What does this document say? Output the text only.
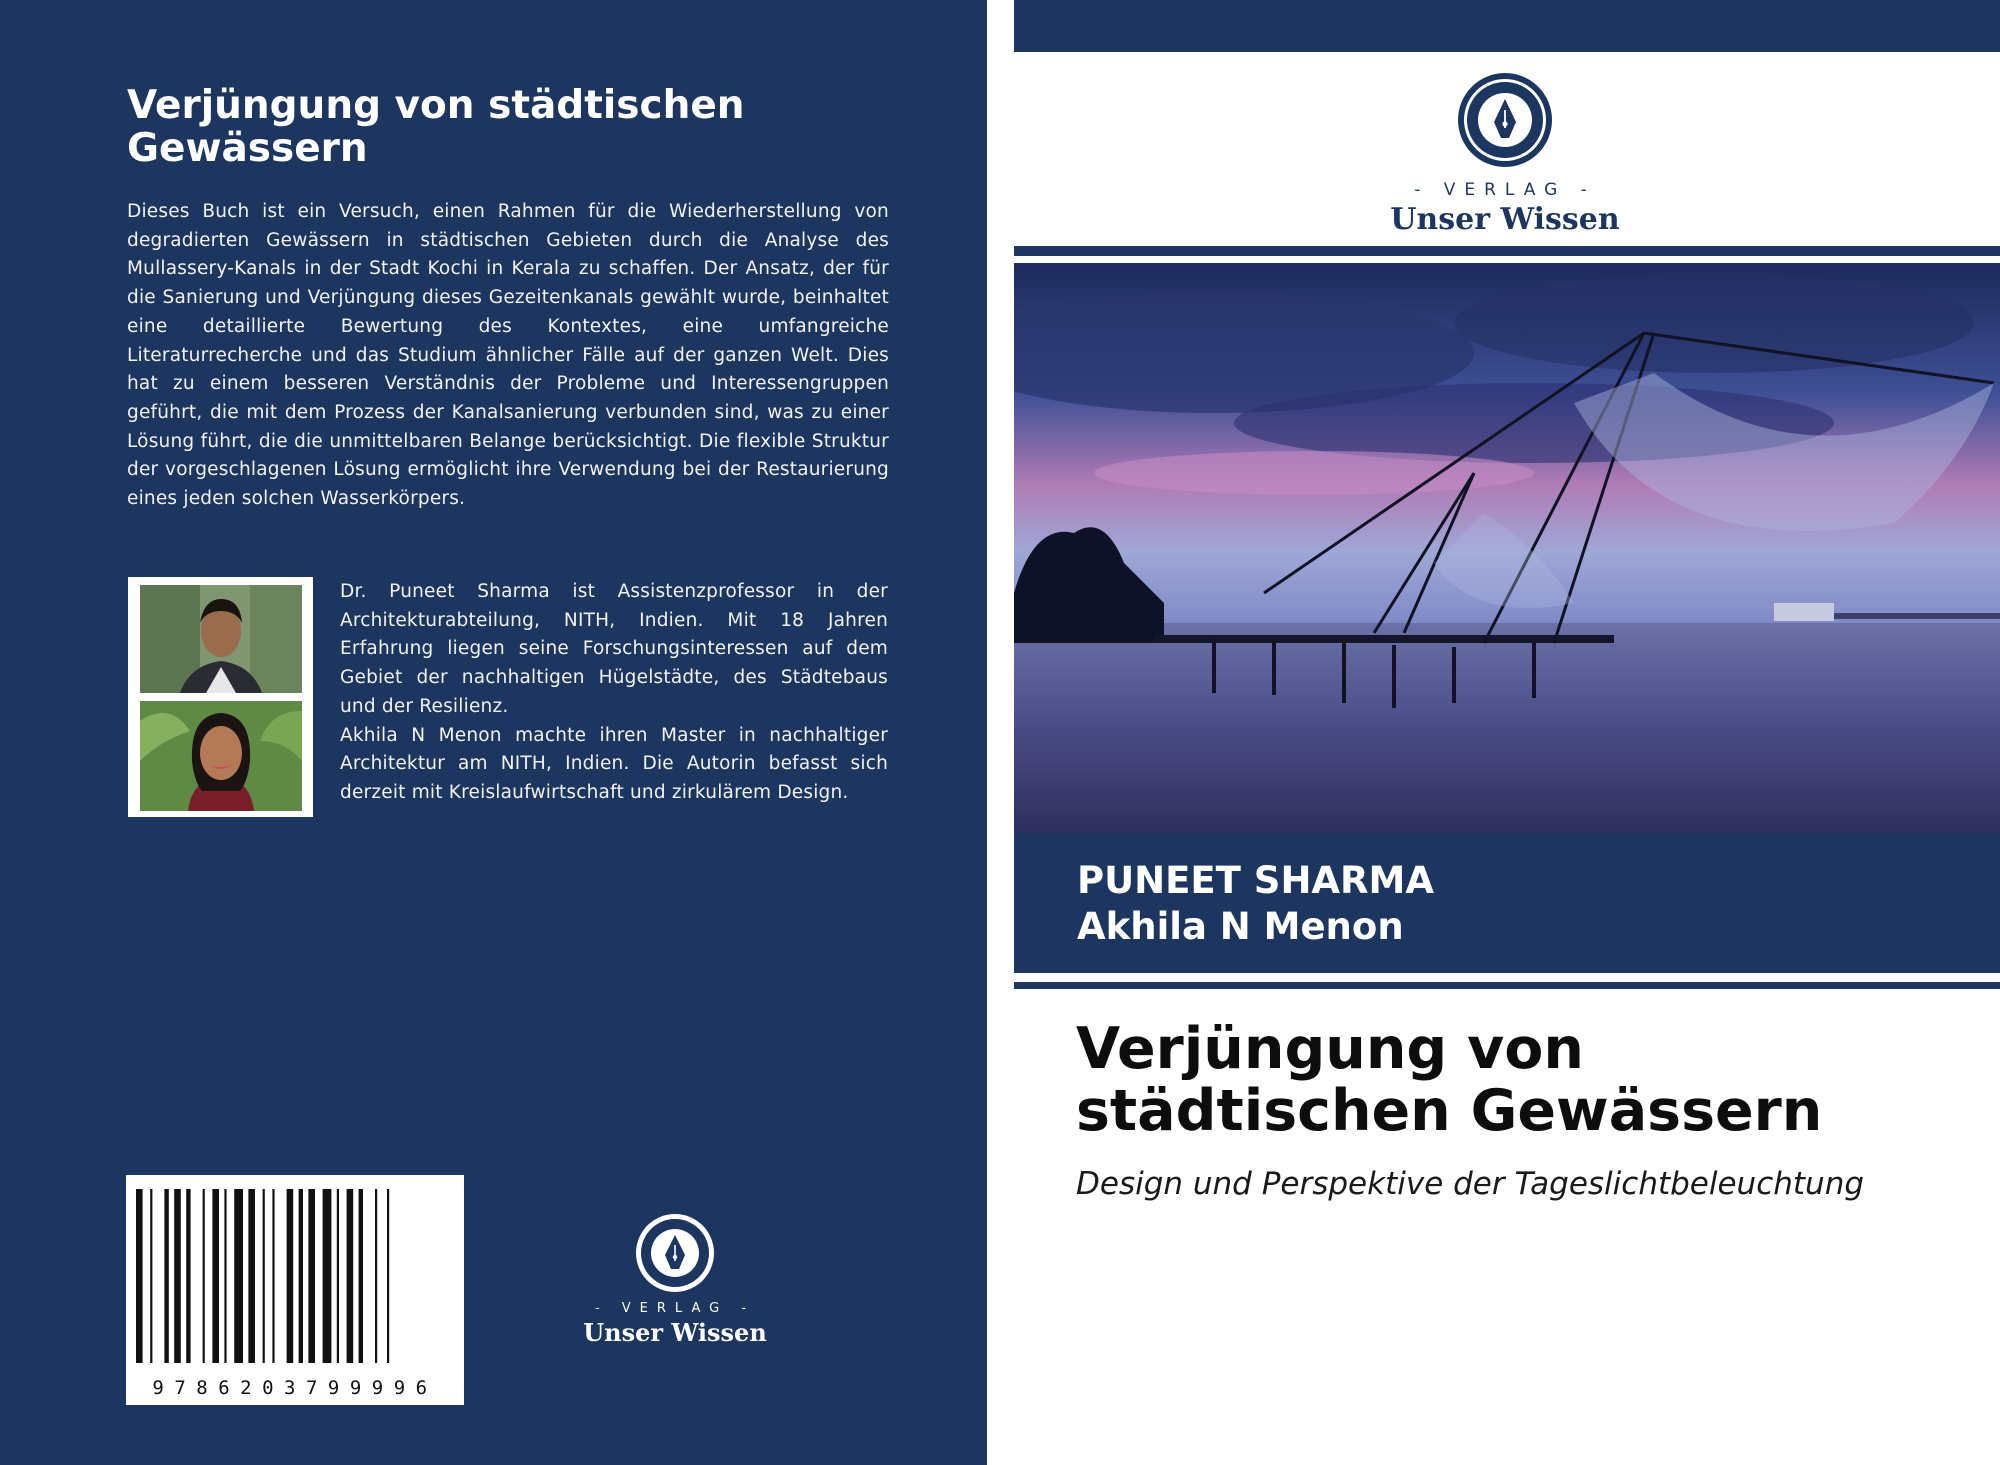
Verjüngung von städtischen Gewässern

Dieses Buch ist ein Versuch, einen Rahmen für die Wiederherstellung von degradierten Gewässern in städtischen Gebieten durch die Analyse des Mullassery-Kanals in der Stadt Kochi in Kerala zu schaffen. Der Ansatz, der für die Sanierung und Verjüngung dieses Gezeitenkanals gewählt wurde, beinhaltet eine detaillierte Bewertung des Kontextes, eine umfangreiche Literaturrecherche und das Studium ähnlicher Fälle auf der ganzen Welt. Dies hat zu einem besseren Verständnis der Probleme und Interessengruppen geführt, die mit dem Prozess der Kanalsanierung verbunden sind, was zu einer Lösung führt, die die unmittelbaren Belange berücksichtigt. Die flexible Struktur der vorgeschlagenen Lösung ermöglicht ihre Verwendung bei der Restaurierung eines jeden solchen Wasserkörpers.

Dr. Puneet Sharma ist Assistenzprofessor in der Architekturabteilung, NITH, Indien. Mit 18 Jahren Erfahrung liegen seine Forschungsinteressen auf dem Gebiet der nachhaltigen Hügelstädte, des Städtebaus und der Resilienz.

Akhila N Menon machte ihren Master in nachhaltiger Architektur am NITH, Indien. Die Autorin befasst sich derzeit mit Kreislaufwirtschaft und zirkulärem Design.

9786203799996
- VERLAG -
Unser Wissen
- VERLAG -
Unser Wissen
PUNEET SHARMA
Akhila N Menon
Verjüngung von
städtischen Gewässern
Design und Perspektive der Tageslichtbeleuchtung
